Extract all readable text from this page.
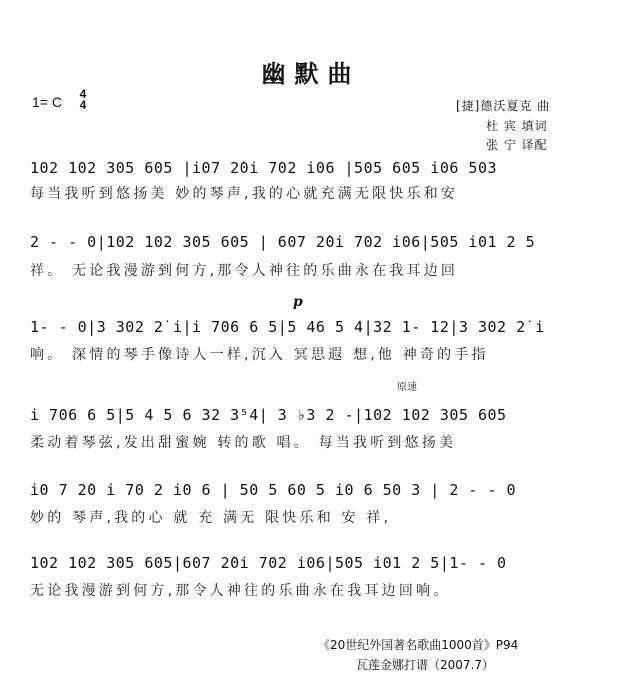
幽默曲
1= C	4
4	[捷]德沃夏克 曲
杜 宾 填词
张 宁 译配
102 102 305 605 |i07 2̇0i 702 i06 |505 605 i06 503
每当我听到悠扬美 妙的琴声,我的心就充满无限快乐和安
2 - - 0|102 102 305 605 | 607 2̇0i 702 i06|505 i01 2 5
祥。 无论我漫游到何方,那令人神往的乐曲永在我耳边回
p
1- - 0|3 302 2̇ i|i 706 6 5|5 46 5 4|32 1- 12|3 302 2̇ i
响。 深情的琴手像诗人一样,沉入 冥思遐 想,他 神奇的手指
原速
i 706 6 5|5 4 5 6 32 3⁵4| 3 ♭3 2 -|102 102 305 605
柔动着琴弦,发出甜蜜婉 转的歌 唱。 每当我听到悠扬美
i0 7 2̇0 i 70 2 i0 6 | 50 5 60 5 i0 6 50 3 | 2 - - 0
妙的 琴声,我的心 就 充 满无 限快乐和 安 祥,
102 102 305 605|607 2̇0i 702 i06|505 i01 2 5|1- - 0
无论我漫游到何方,那令人神往的乐曲永在我耳边回响。
《20世纪外国著名歌曲1000首》P94
瓦莲金娜打谱（2007.7）
